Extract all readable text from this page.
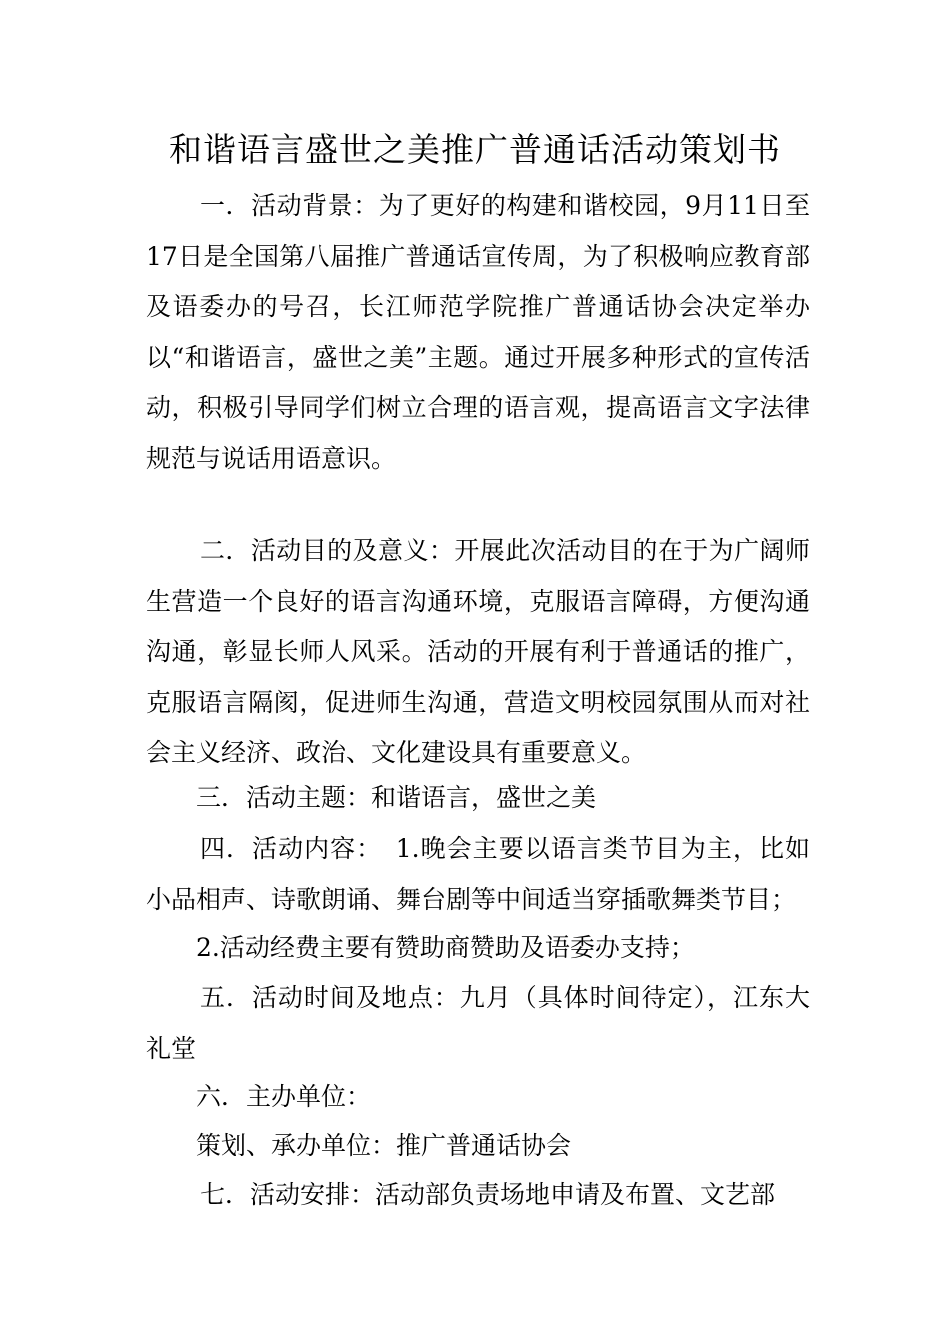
和谐语言盛世之美推广普通话活动策划书

一．活动背景：为了更好的构建和谐校园，9月11日至17日是全国第八届推广普通话宣传周，为了积极响应教育部及语委办的号召，长江师范学院推广普通话协会决定举办以“和谐语言，盛世之美”主题。通过开展多种形式的宣传活动，积极引导同学们树立合理的语言观，提高语言文字法律规范与说话用语意识。

二．活动目的及意义：开展此次活动目的在于为广阔师生营造一个良好的语言沟通环境，克服语言障碍，方便沟通沟通，彰显长师人风采。活动的开展有利于普通话的推广，克服语言隔阂，促进师生沟通，营造文明校园氛围从而对社会主义经济、政治、文化建设具有重要意义。

三．活动主题：和谐语言，盛世之美

四．活动内容：　1.晚会主要以语言类节目为主，比如小品相声、诗歌朗诵、舞台剧等中间适当穿插歌舞类节目；

2.活动经费主要有赞助商赞助及语委办支持；

五．活动时间及地点：九月（具体时间待定），江东大礼堂

六．主办单位：

策划、承办单位：推广普通话协会

七．活动安排：活动部负责场地申请及布置、文艺部
